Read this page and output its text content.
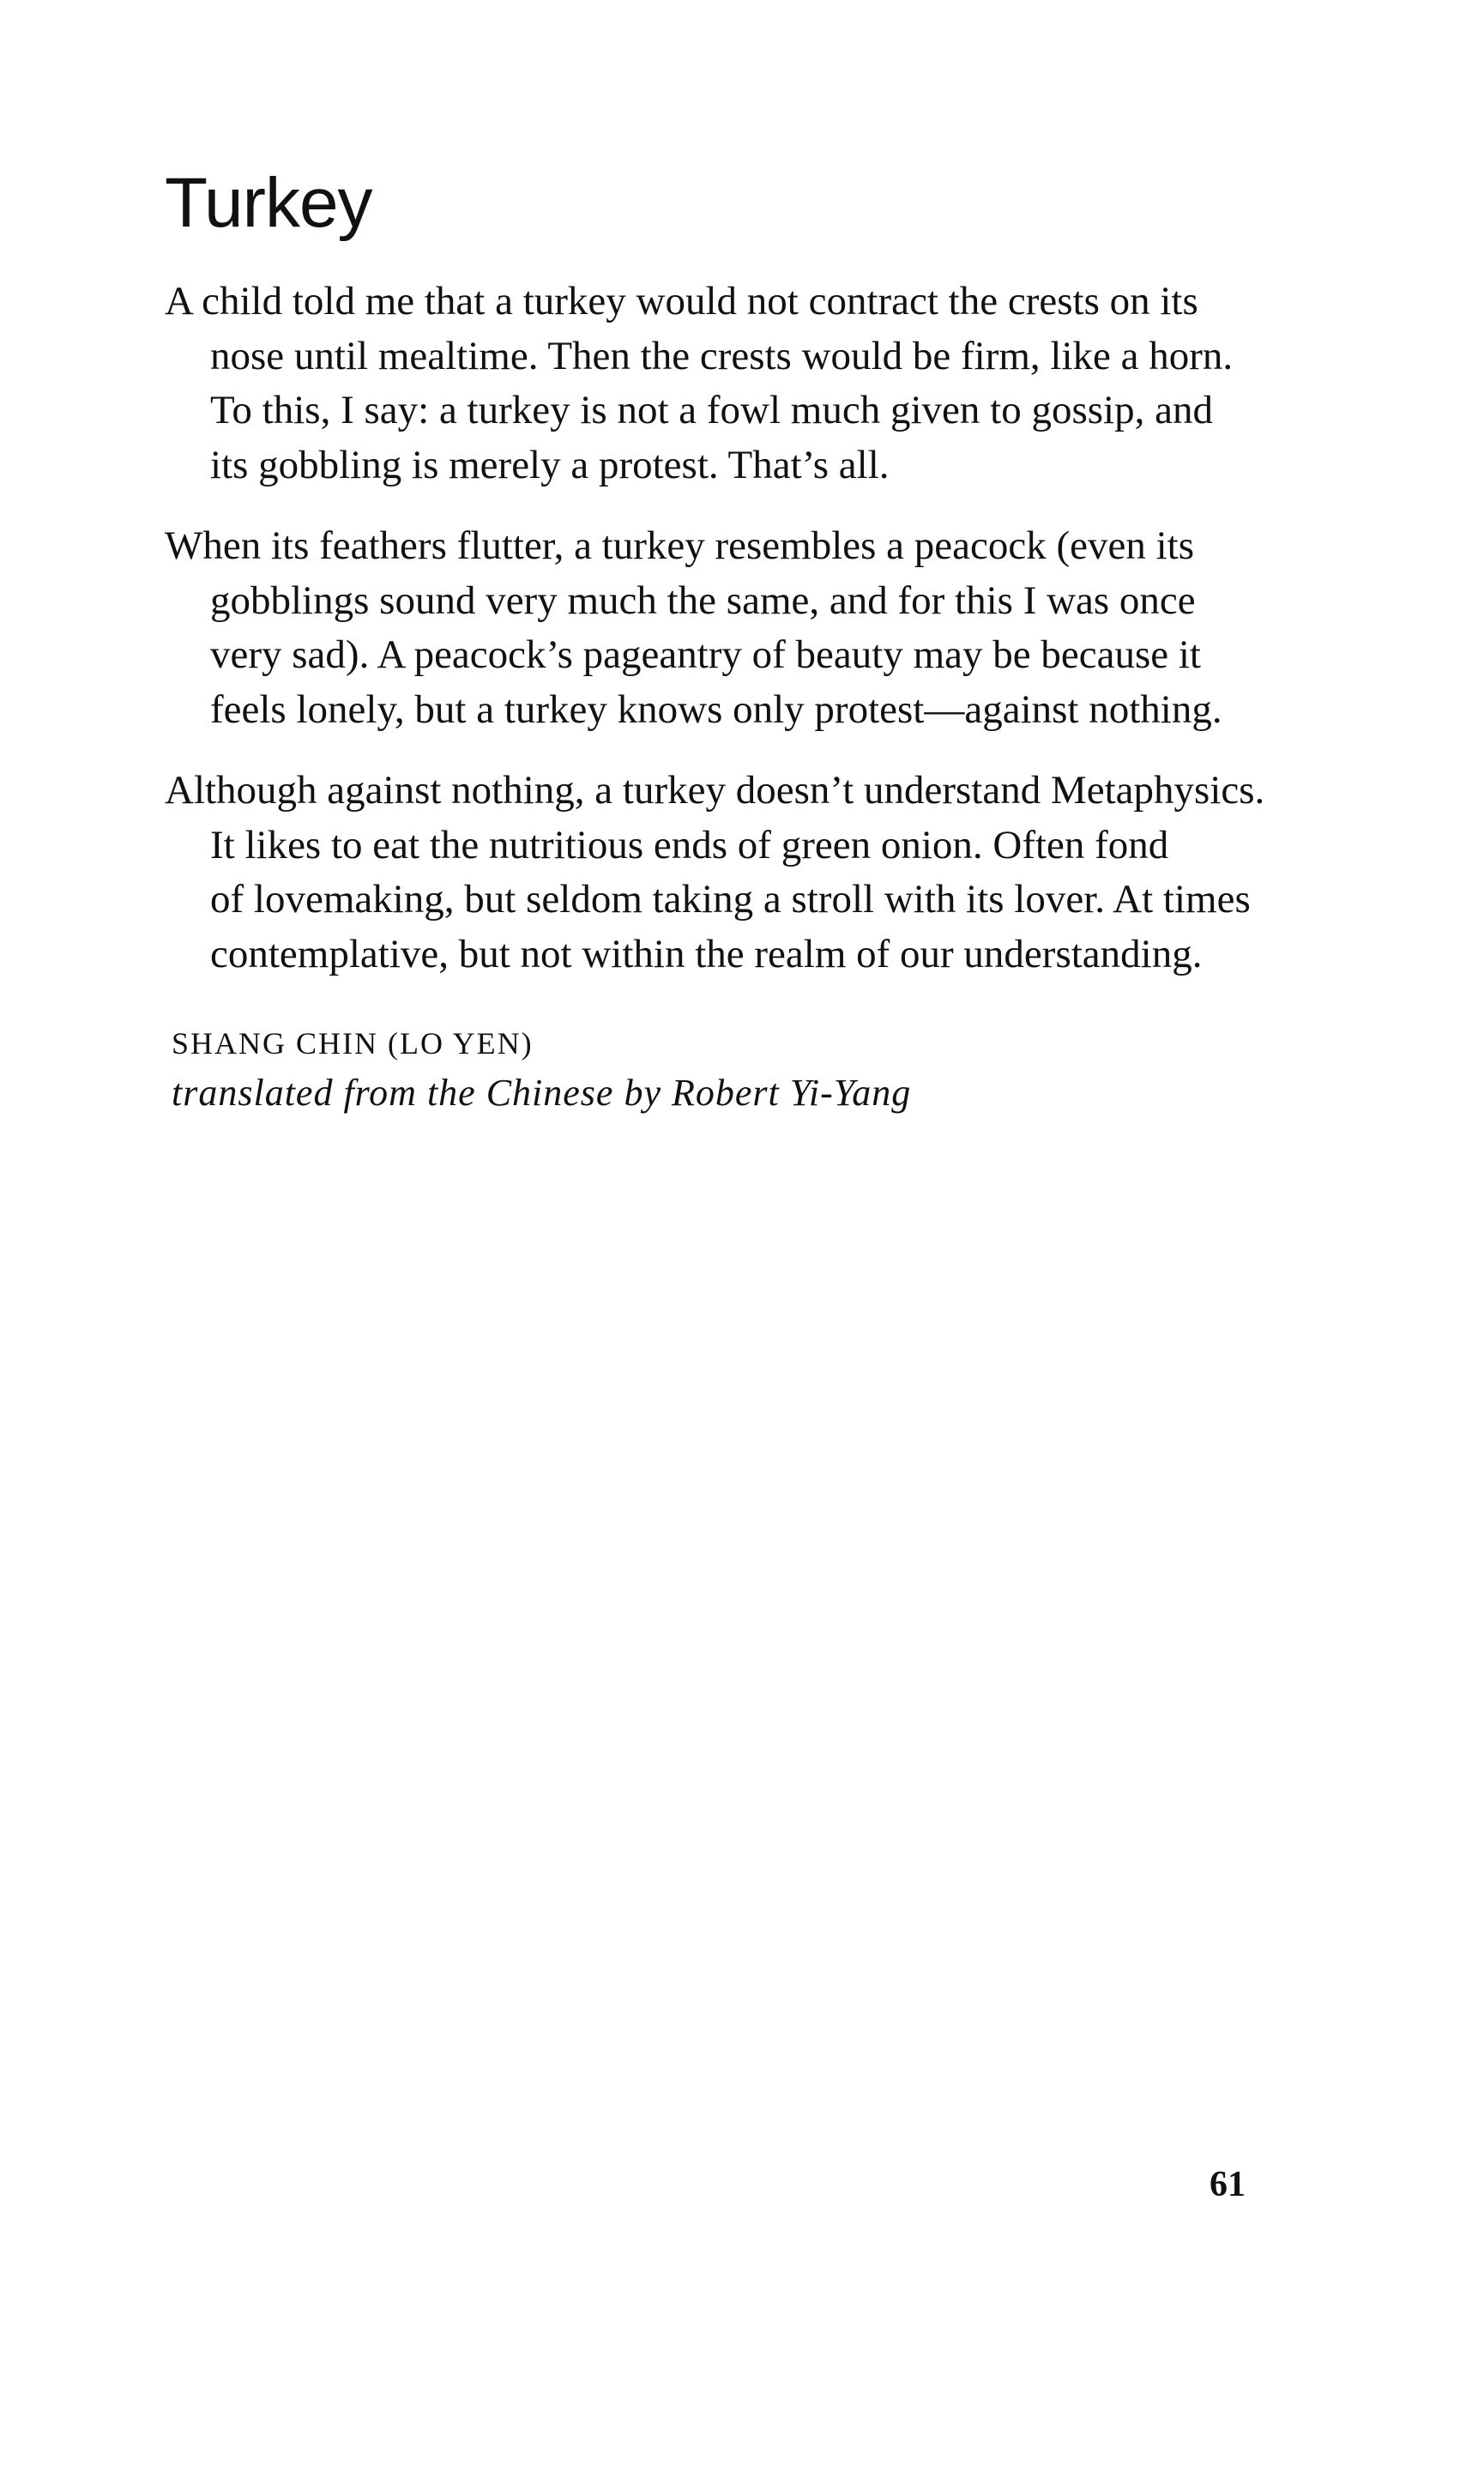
Turkey
A child told me that a turkey would not contract the crests on its
nose until mealtime. Then the crests would be firm, like a horn.
To this, I say: a turkey is not a fowl much given to gossip, and
its gobbling is merely a protest. That’s all.
When its feathers flutter, a turkey resembles a peacock (even its
gobblings sound very much the same, and for this I was once
very sad). A peacock’s pageantry of beauty may be because it
feels lonely, but a turkey knows only protest—against nothing.
Although against nothing, a turkey doesn’t understand Metaphysics.
It likes to eat the nutritious ends of green onion. Often fond
of lovemaking, but seldom taking a stroll with its lover. At times
contemplative, but not within the realm of our understanding.
SHANG CHIN (LO YEN)
translated from the Chinese by Robert Yi-Yang
61
